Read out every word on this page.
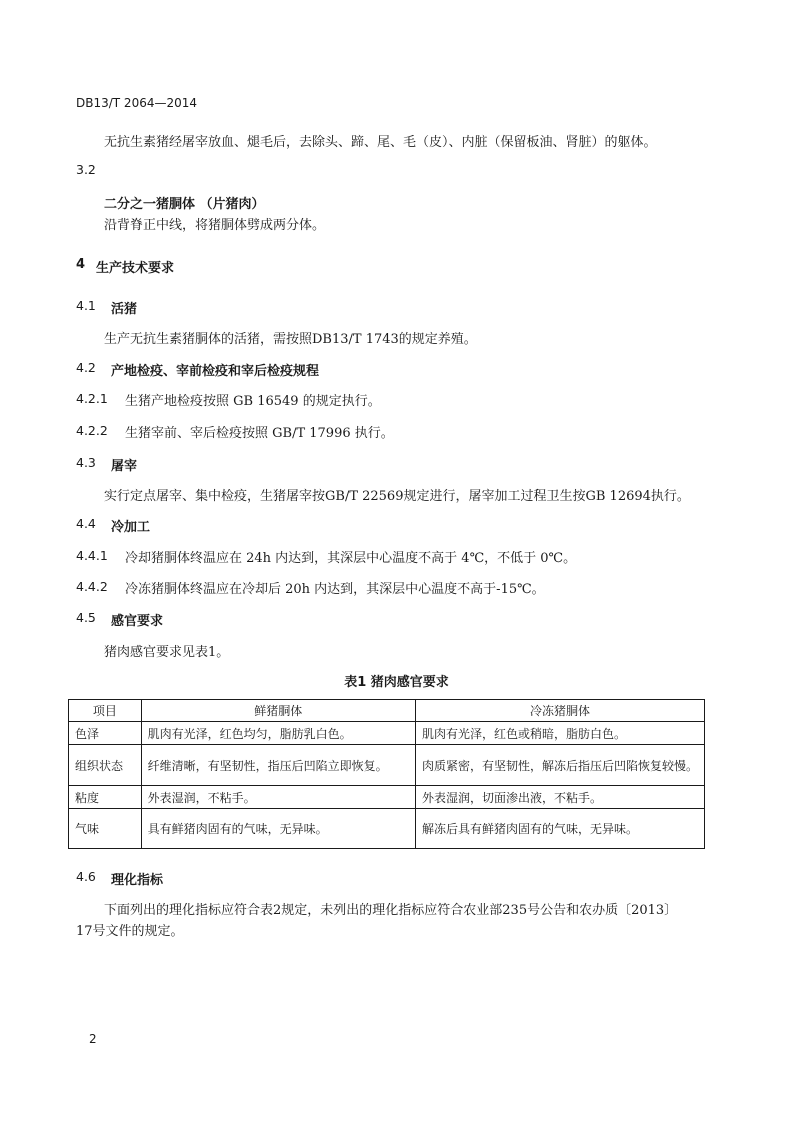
DB13/T 2064—2014
无抗生素猪经屠宰放血、煺毛后，去除头、蹄、尾、毛（皮）、内脏（保留板油、肾脏）的躯体。
3.2
二分之一猪胴体 （片猪肉）
沿背脊正中线，将猪胴体劈成两分体。
4 生产技术要求
4.1 活猪
生产无抗生素猪胴体的活猪，需按照DB13/T 1743的规定养殖。
4.2 产地检疫、宰前检疫和宰后检疫规程
4.2.1 生猪产地检疫按照 GB 16549 的规定执行。
4.2.2 生猪宰前、宰后检疫按照 GB/T 17996 执行。
4.3 屠宰
实行定点屠宰、集中检疫，生猪屠宰按GB/T 22569规定进行，屠宰加工过程卫生按GB 12694执行。
4.4 冷加工
4.4.1 冷却猪胴体终温应在 24h 内达到，其深层中心温度不高于 4℃，不低于 0℃。
4.4.2 冷冻猪胴体终温应在冷却后 20h 内达到，其深层中心温度不高于-15℃。
4.5 感官要求
猪肉感官要求见表1。
表1 猪肉感官要求
项目	鲜猪胴体	冷冻猪胴体
色泽	肌肉有光泽，红色均匀，脂肪乳白色。	肌肉有光泽，红色或稍暗，脂肪白色。
组织状态	纤维清晰，有坚韧性，指压后凹陷立即恢复。	肉质紧密，有坚韧性，解冻后指压后凹陷恢复较慢。
粘度	外表湿润，不粘手。	外表湿润，切面渗出液，不粘手。
气味	具有鲜猪肉固有的气味，无异味。	解冻后具有鲜猪肉固有的气味，无异味。
4.6 理化指标
下面列出的理化指标应符合表2规定，未列出的理化指标应符合农业部235号公告和农办质〔2013〕
17号文件的规定。
2
